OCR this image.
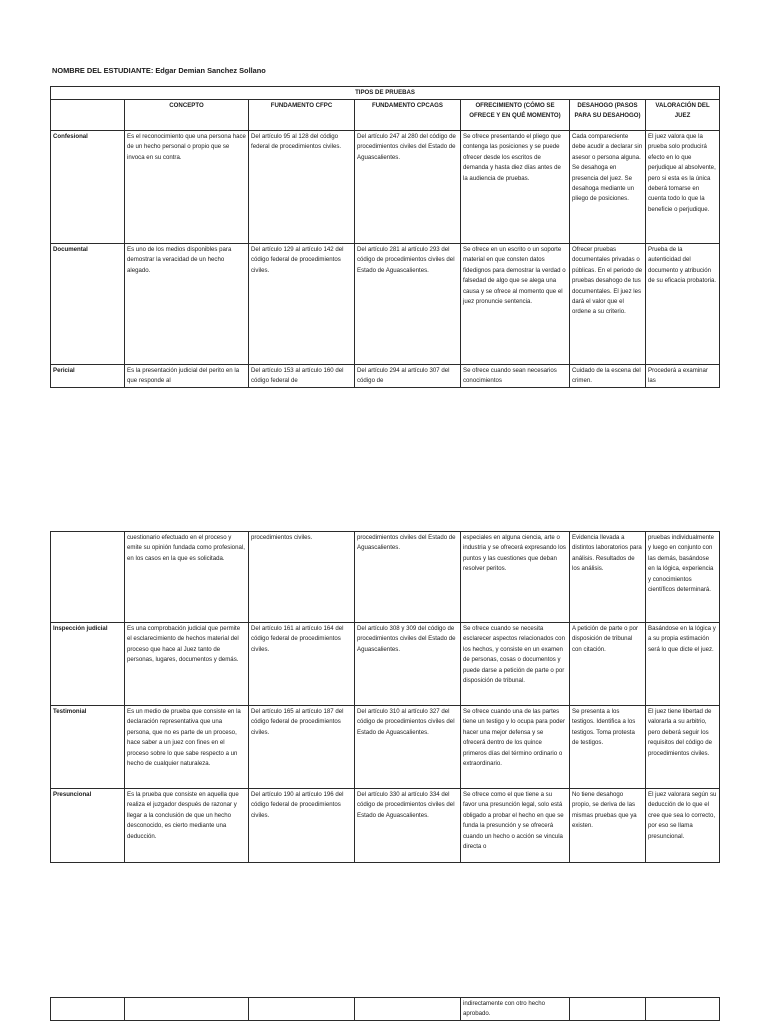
NOMBRE DEL ESTUDIANTE: Edgar Demian Sanchez Sollano
TIPOS DE PRUEBAS						
	CONCEPTO	FUNDAMENTO CFPC	FUNDAMENTO CPCAGS	OFRECIMIENTO (CÓMO SE OFRECE Y EN QUÉ MOMENTO)	DESAHOGO (PASOS PARA SU DESAHOGO)	VALORACIÓN DEL JUEZ
Confesional	Es el reconocimiento que una persona hace de un hecho personal o propio que se invoca en su contra.	Del artículo 95 al 128 del código federal de procedimientos civiles.	Del artículo 247 al 280 del código de procedimientos civiles del Estado de Aguascalientes.	Se ofrece presentando el pliego que contenga las posiciones y se puede ofrecer desde los escritos de demanda y hasta diez días antes de la audiencia de pruebas.	Cada compareciente debe acudir a declarar sin asesor o persona alguna. Se desahoga en presencia del juez. Se desahoga mediante un pliego de posiciones.	El juez valora que la prueba solo producirá efecto en lo que perjudique al absolvente, pero si esta es la única deberá tomarse en cuenta todo lo que la beneficie o perjudique.
Documental	Es uno de los medios disponibles para demostrar la veracidad de un hecho alegado.	Del artículo 129 al artículo 142 del código federal de procedimientos civiles.	Del artículo 281 al artículo 293 del código de procedimientos civiles del Estado de Aguascalientes.	Se ofrece en un escrito o un soporte material en que consten datos fidedignos para demostrar la verdad o falsedad de algo que se alega una causa y se ofrece al momento que el juez pronuncie sentencia.	Ofrecer pruebas documentales privadas o públicas. En el periodo de pruebas desahogo de tus documentales. El juez les dará el valor que el ordene a su criterio.	Prueba de la autenticidad del documento y atribución de su eficacia probatoria.
Pericial	Es la presentación judicial del perito en la que responde al	Del artículo 153 al artículo 160 del código federal de	Del artículo 294 al artículo 307 del código de	Se ofrece cuando sean necesarios conocimientos	Cuidado de la escena del crimen.	Procederá a examinar las
	cuestionario efectuado en el proceso y emite su opinión fundada como profesional, en los casos en la que es solicitada.	procedimientos civiles.	procedimientos civiles del Estado de Aguascalientes.	especiales en alguna ciencia, arte o industria y se ofrecerá expresando los puntos y las cuestiones que deban resolver peritos.	Evidencia llevada a distintos laboratorios para análisis. Resultados de los análisis.	pruebas individualmente y luego en conjunto con las demás, basándose en la lógica, experiencia y conocimientos científicos determinará.
Inspección judicial	Es una comprobación judicial que permite el esclarecimiento de hechos material del proceso que hace al Juez tanto de personas, lugares, documentos y demás.	Del artículo 161 al artículo 164 del código federal de procedimientos civiles.	Del artículo 308 y 309 del código de procedimientos civiles del Estado de Aguascalientes.	Se ofrece cuando se necesita esclarecer aspectos relacionados con los hechos, y consiste en un examen de personas, cosas o documentos y puede darse a petición de parte o por disposición de tribunal.	A petición de parte o por disposición de tribunal con citación.	Basándose en la lógica y a su propia estimación será lo que dicte el juez.
Testimonial	Es un medio de prueba que consiste en la declaración representativa que una persona, que no es parte de un proceso, hace saber a un juez con fines en el proceso sobre lo que sabe respecto a un hecho de cualquier naturaleza.	Del artículo 165 al artículo 187 del código federal de procedimientos civiles.	Del artículo 310 al artículo 327 del código de procedimientos civiles del Estado de Aguascalientes.	Se ofrece cuando una de las partes tiene un testigo y lo ocupa para poder hacer una mejor defensa y se ofrecerá dentro de los quince primeros días del término ordinario o extraordinario.	Se presenta a los testigos. Identifica a los testigos. Toma protesta de testigos.	El juez tiene libertad de valorarla a su arbitrio, pero deberá seguir los requisitos del código de procedimientos civiles.
Presuncional	Es la prueba que consiste en aquella que realiza el juzgador después de razonar y llegar a la conclusión de que un hecho desconocido, es cierto mediante una deducción.	Del artículo 190 al artículo 196 del código federal de procedimientos civiles.	Del artículo 330 al artículo 334 del código de procedimientos civiles del Estado de Aguascalientes.	Se ofrece como el que tiene a su favor una presunción legal, solo está obligado a probar el hecho en que se funda la presunción y se ofrecerá cuando un hecho o acción se vincula directa o	No tiene desahogo propio, se deriva de las mismas pruebas que ya existen.	El juez valorara según su deducción de lo que el cree que sea lo correcto, por eso se llama presuncional.
				indirectamente con otro hecho aprobado.		
